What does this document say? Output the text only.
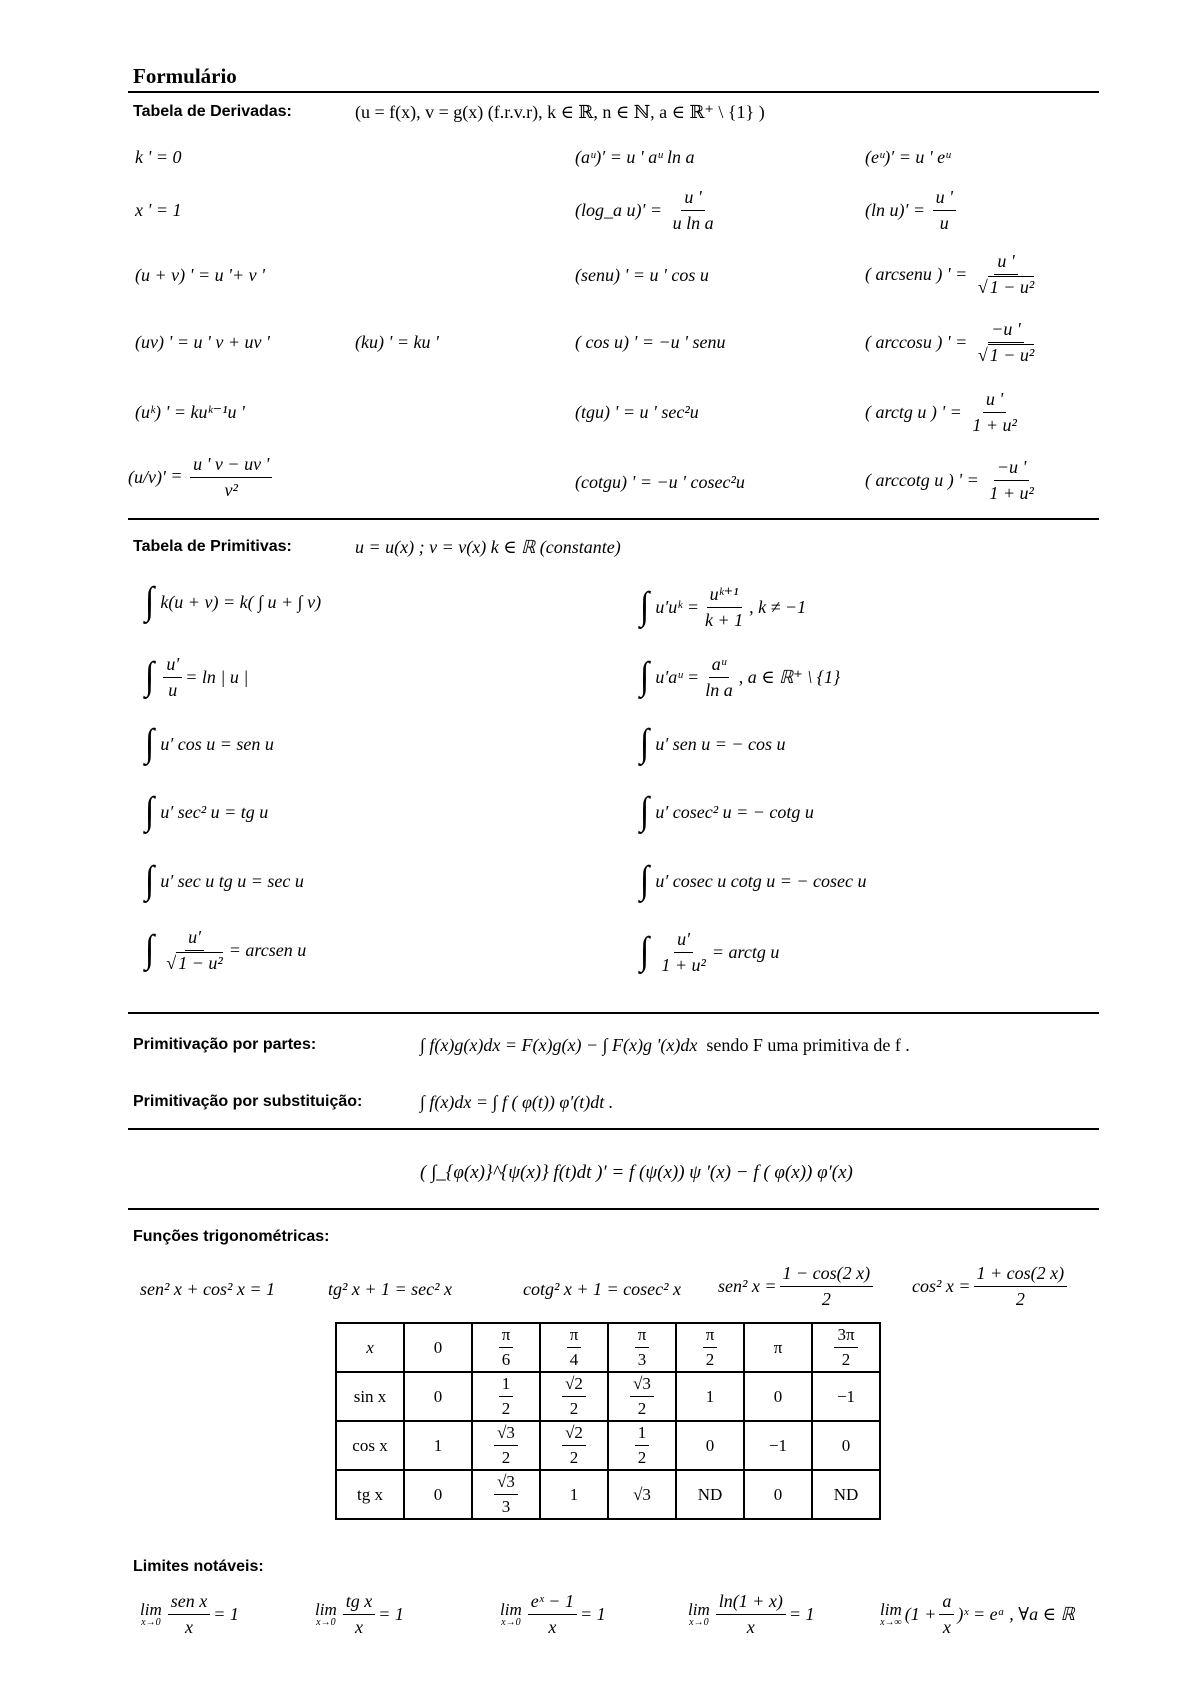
Formulário
Tabela de Derivadas:	(u = f(x), v = g(x) (f.r.v.r), k ∈ ℝ, n ∈ ℕ, a ∈ ℝ⁺ \ {1} )
k ' = 0
x ' = 1
(u + v) ' = u '+ v '
(uv) ' = u ' v + uv '	(ku) ' = ku '
(uᵏ) ' = kuᵏ⁻¹u '
$(u/v)' = \frac{u ' v - uv '}{\text{v²}}$
(aᵘ)′ = u ' aᵘ ln a
(log_a $u)' = \frac{u '}{\text{u ln a}}$
(senu) ' = u ' cos u
( cos u) ' = −u ' senu
(tgu) ' = u ' sec²u
(cotgu) ' = −u ' cosec²u
(eᵘ)′ = u ' eᵘ
(ln $u)' = \frac{u '}{u}$
( arcsenu ) ' = $\frac{u '}{\text{√ 1 − u²}}$
( arccosu ) ' = $\frac{-u '}{\text{√ 1 − u²}}$
( arctg u ) ' = $\frac{u '}{\text{1 + u²}}$
( arccotg u ) ' = $\frac{-u '}{\text{1 + u²}}$
Tabela de Primitivas:	u = u(x) ; v = v(x) k ∈ ℝ (constante)
∫ k(u + v) = k( ∫ u + ∫ v)
∫ $\frac{u'}{u} = \ln$ | u |
∫ u′ cos u = sen u
∫ u′ sec² u = tg u
∫ u′ sec u tg u = sec u
∫ $\frac{u'}{\text{√ 1 − u²}}$ = arcsen u
∫ u′uᵏ = $\frac{\text{uᵏ⁺¹}}{k + 1}$ , k ≠ −1
∫ u′aᵘ = $\frac{\text{aᵘ}}{\text{ln a}}$ , a ∈ ℝ⁺ \ {1}
∫ u′ sen u = − cos u
∫ u′ cosec² u = − cotg u
∫ u′ cosec u cotg u = − cosec u
∫ $\frac{u'}{\text{1 + u²}}$ = arctg u
Primitivação por partes:	∫ f(x)g(x)dx = F(x)g(x) − ∫ F(x)g '(x)dx sendo F uma primitiva de f .
Primitivação por substituição:	∫ f(x)dx = ∫ f ( φ(t)) φ′(t)dt .
( ∫_{φ(x)}^{ψ(x)} f(t)dt )′ = f (ψ(x)) ψ '(x) − f ( φ(x)) φ′(x)
Funções trigonométricas:
sen² x + cos² x = 1	tg² x + 1 = sec² x	cotg² x + 1 = cosec² x sen² $x = \frac{1 - \cos(2 x)}{2} \cos^2$ $x = \frac{1 + \cos(2 x)}{2}$
x	0	$\frac{\pi}{6}$	$\frac{\pi}{4}$	$\frac{\pi}{3}$	$\frac{\pi}{2}$	π	$\frac{3\pi}{2}$

sin x	0	$\frac{1}{2}$	$\frac{√2}{2}$	$\frac{√3}{2}$	1	0	−1
cos x	1	$\frac{√3}{2}$	$\frac{√2}{2}$	$\frac{1}{2}$	0	−1	0
tg x	0	$\frac{√3}{3}$	1	√3	ND	0	ND
Limites notáveis:
lim
$x\to 0 \frac{\text{sen x}}{x} = 1$	lim
$x\to 0 \frac{\text{tg x}}{x} = 1$	lim
$x\to 0 \frac{\text{eˣ − 1}}{x} = 1$	lim
$x\to 0 \frac{\ln(1 + x)}{x} = 1$	lim
x→∞ ($1 + \frac{a}{x}$ )ˣ = eᵃ , ∀a ∈ ℝ
